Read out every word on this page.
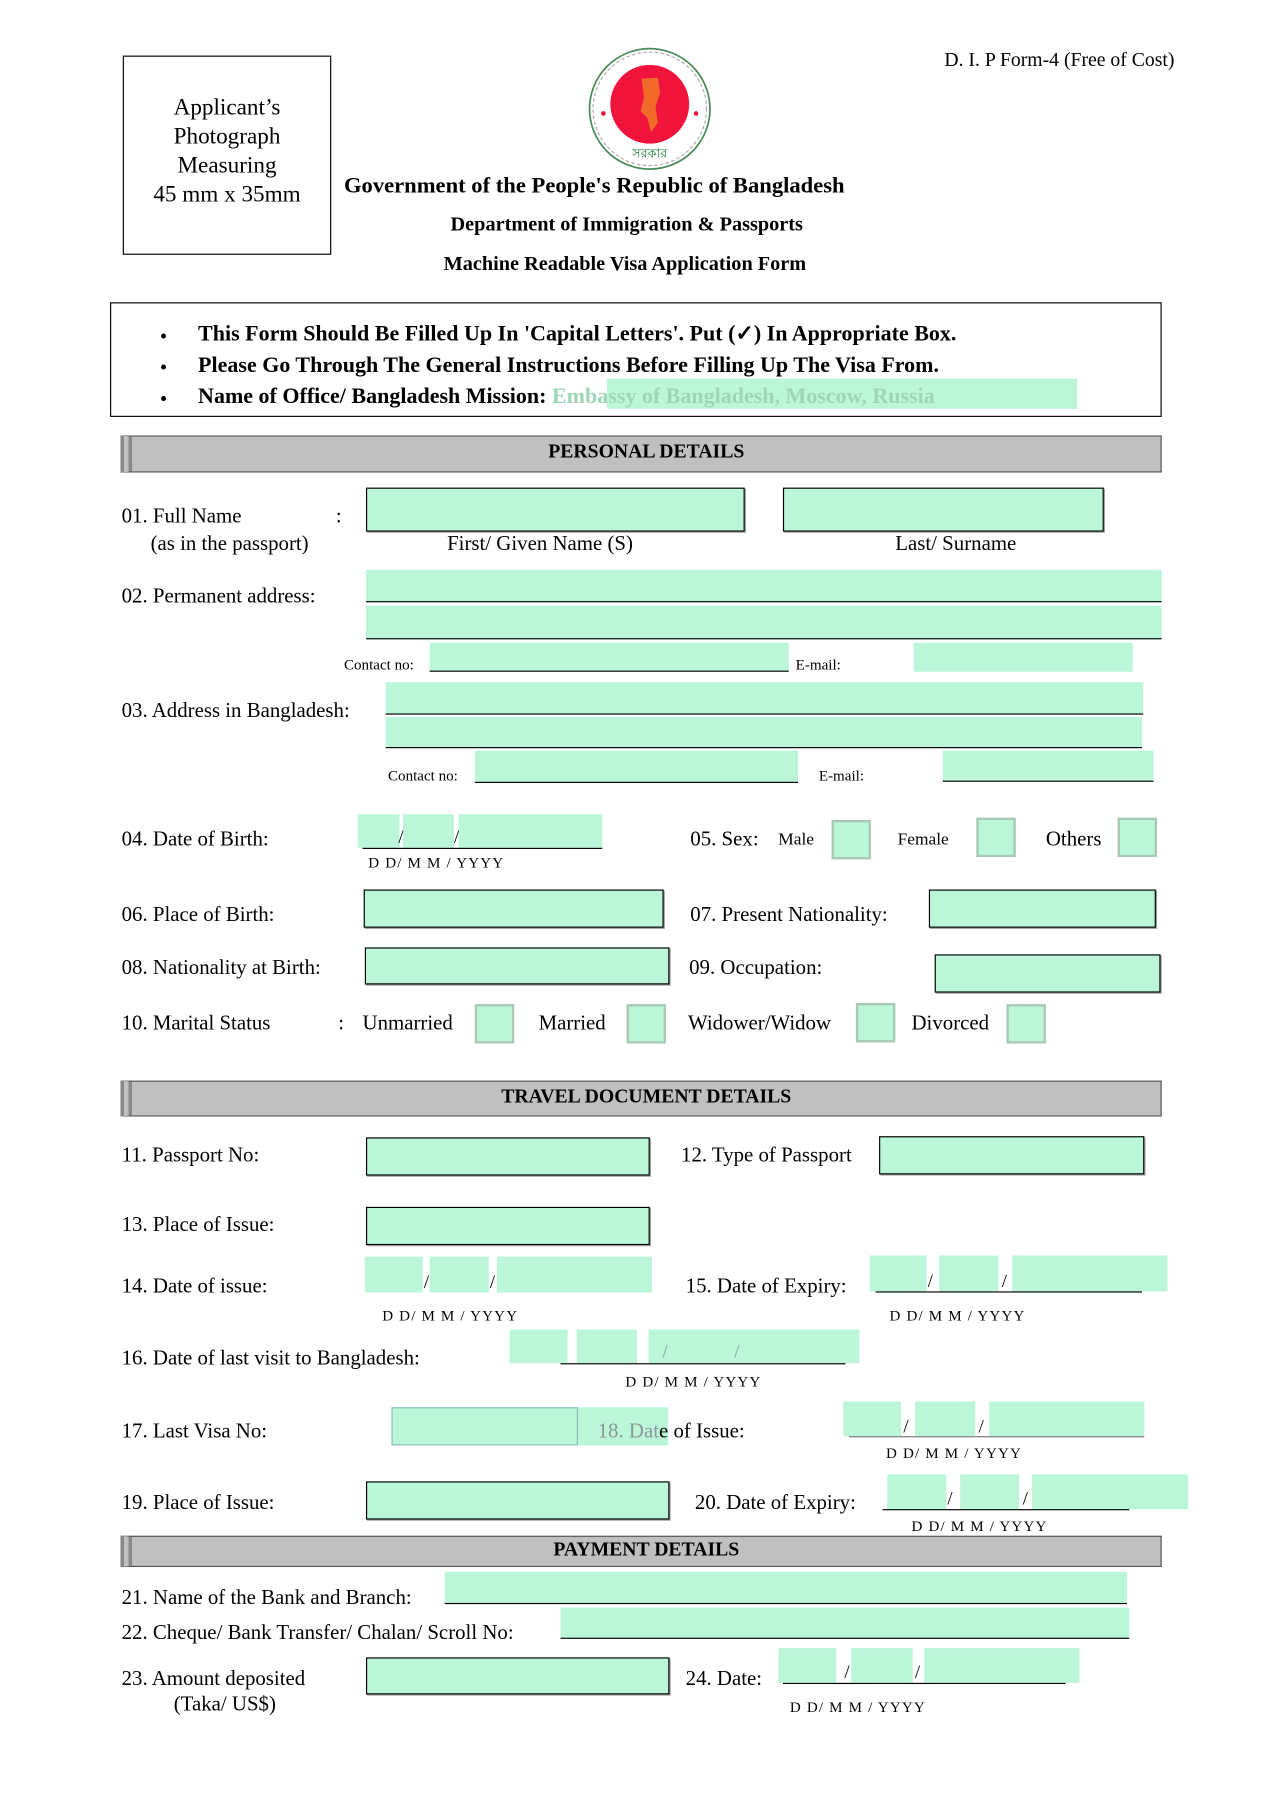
Applicant’s
Photograph
Measuring
45 mm x 35mm
D. I. P Form-4 (Free of Cost)
সরকার
Government of the People's Republic of Bangladesh
Department of Immigration & Passports
Machine Readable Visa Application Form
•
•
•
This Form Should Be Filled Up In 'Capital Letters'. Put (✓) In Appropriate Box.
Please Go Through The General Instructions Before Filling Up The Visa From.
Name of Office/ Bangladesh Mission: Embassy of Bangladesh, Moscow, Russia
PERSONAL DETAILS
01. Full Name	:
(as in the passport)	First/ Given Name (S)	Last/ Surname
02. Permanent address:
Contact no:	E-mail:
03. Address in Bangladesh:
Contact no:	E-mail:
04. Date of Birth:	/	/
D D/ M M / YYYY
05. Sex: Male	Female	Others
06. Place of Birth:	07. Present Nationality:
08. Nationality at Birth:	09. Occupation:
10. Marital Status	: Unmarried	Married	Widower/Widow	Divorced
TRAVEL DOCUMENT DETAILS
11. Passport No:	12. Type of Passport
13. Place of Issue:
14. Date of issue:	/	/
D D/ M M / YYYY
15. Date of Expiry:	/	/
D D/ M M / YYYY
16. Date of last visit to Bangladesh:	/	/
D D/ M M / YYYY
17. Last Visa No:	18. Date of Issue:	/	/
D D/ M M / YYYY
19. Place of Issue:	20. Date of Expiry:	/	/
D D/ M M / YYYY
PAYMENT DETAILS
21. Name of the Bank and Branch:
22. Cheque/ Bank Transfer/ Chalan/ Scroll No:
23. Amount deposited
(Taka/ US$)
24. Date:	/	/
D D/ M M / YYYY
